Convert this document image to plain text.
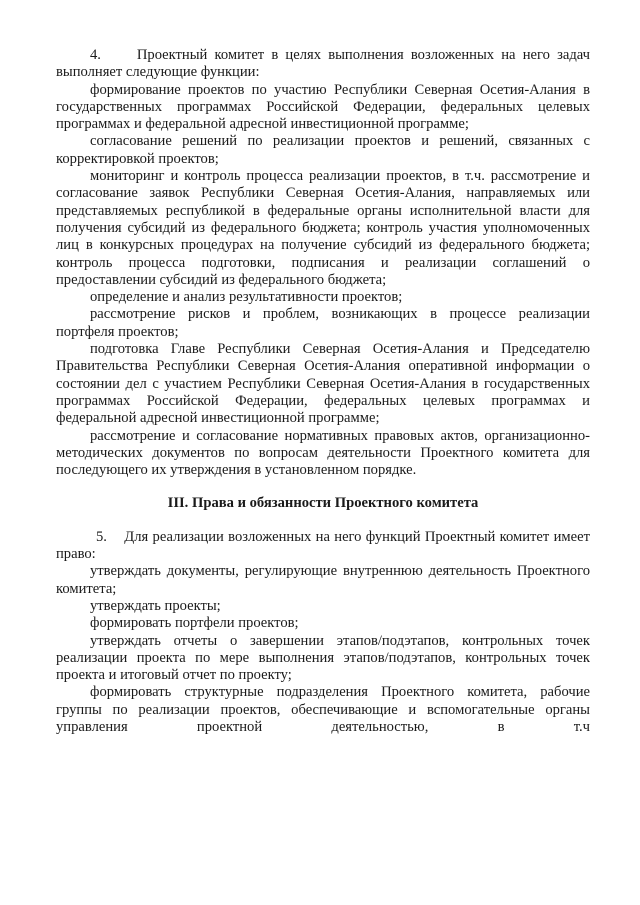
4.     Проектный комитет в целях выполнения возложенных на него задач выполняет следующие функции:

формирование проектов по участию Республики Северная Осетия-Алания в государственных программах Российской Федерации, федеральных целевых программах и федеральной адресной инвестиционной программе;

согласование решений по реализации проектов и решений, связанных с корректировкой проектов;

мониторинг и контроль процесса реализации проектов, в т.ч. рассмотрение и согласование заявок Республики Северная Осетия-Алания, направляемых или представляемых республикой в федеральные органы исполнительной власти для получения субсидий из федерального бюджета; контроль участия уполномоченных лиц в конкурсных процедурах на получение субсидий из федерального бюджета; контроль процесса подготовки, подписания и реализации соглашений о предоставлении субсидий из федерального бюджета;

определение и анализ результативности проектов;

рассмотрение рисков и проблем, возникающих в процессе реализации портфеля проектов;

подготовка Главе Республики Северная Осетия-Алания и Председателю Правительства Республики Северная Осетия-Алания оперативной информации о состоянии дел с участием Республики Северная Осетия-Алания в государственных программах Российской Федерации, федеральных целевых программах и федеральной адресной инвестиционной программе;

рассмотрение и согласование нормативных правовых актов, организационно-методических документов по вопросам деятельности Проектного комитета для последующего их утверждения в установленном порядке.

III. Права и обязанности Проектного комитета

5.    Для реализации возложенных на него функций Проектный комитет имеет право:

утверждать документы, регулирующие внутреннюю деятельность Проектного комитета;

утверждать проекты;

формировать портфели проектов;

утверждать отчеты о завершении этапов/подэтапов, контрольных точек реализации проекта по мере выполнения этапов/подэтапов, контрольных точек проекта и итоговый отчет по проекту;

формировать структурные подразделения Проектного комитета, рабочие группы по реализации проектов, обеспечивающие и вспомогательные органы управления проектной деятельностью, в т.ч
